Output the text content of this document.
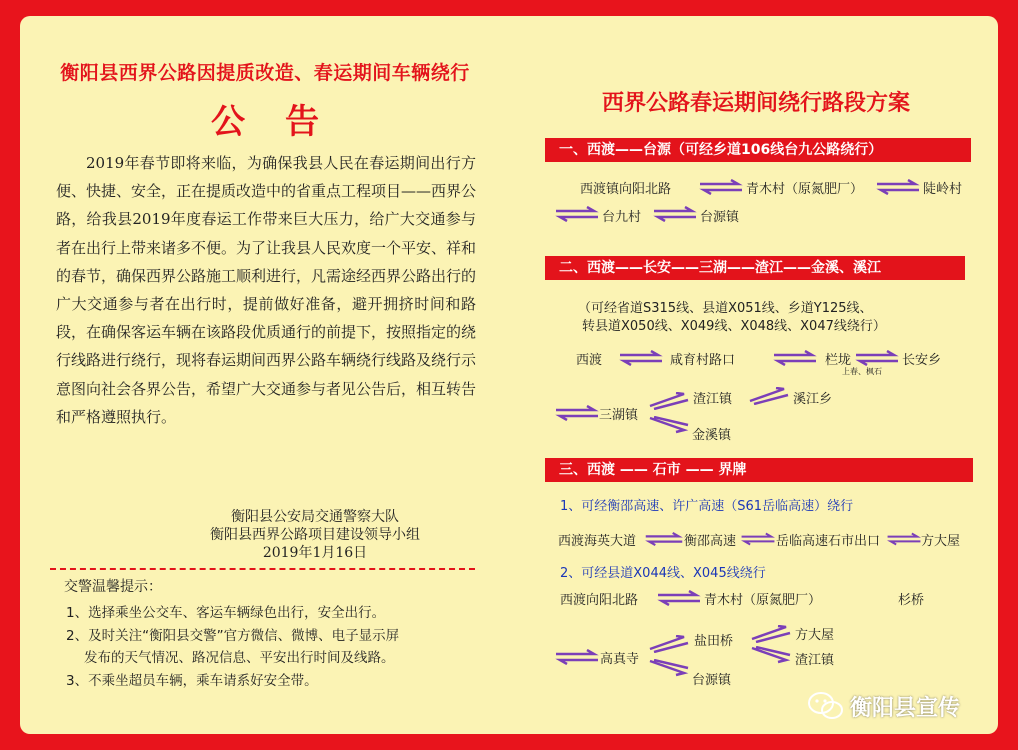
衡阳县西界公路因提质改造、春运期间车辆绕行
公告

2019年春节即将来临，为确保我县人民在春运期间出行方便、快捷、安全，正在提质改造中的省重点工程项目——西界公路，给我县2019年度春运工作带来巨大压力，给广大交通参与者在出行上带来诸多不便。为了让我县人民欢度一个平安、祥和的春节，确保西界公路施工顺利进行，凡需途经西界公路出行的广大交通参与者在出行时，提前做好准备，避开拥挤时间和路段，在确保客运车辆在该路段优质通行的前提下，按照指定的绕行线路进行绕行，现将春运期间西界公路车辆绕行线路及绕行示意图向社会各界公告，希望广大交通参与者见公告后，相互转告和严格遵照执行。

衡阳县公安局交通警察大队
衡阳县西界公路项目建设领导小组
2019年1月16日
交警温馨提示：
1、选择乘坐公交车、客运车辆绿色出行，安全出行。
2、及时关注“衡阳县交警”官方微信、微博、电子显示屏
发布的天气情况、路况信息、平安出行时间及线路。
3、不乘坐超员车辆，乘车请系好安全带。
西界公路春运期间绕行路段方案
一、西渡——台源（可经乡道106线台九公路绕行）
西渡镇向阳北路	青木村（原氮肥厂）	陡岭村
台九村	台源镇
二、西渡——长安——三湖——渣江——金溪、溪江
（可经省道S315线、县道X051线、乡道Y125线、
转县道X050线、X049线、X048线、X047线绕行）
西渡	咸育村路口	栏垅	长安乡
上春、枫石
三湖镇
渣江镇	溪江乡
金溪镇
三、西渡 —— 石市 —— 界牌
1、可经衡邵高速、许广高速（S61岳临高速）绕行
西渡海英大道	衡邵高速	岳临高速石市出口	方大屋
2、可经县道X044线、X045线绕行
西渡向阳北路	青木村（原氮肥厂）	杉桥
高真寺
盐田桥	方大屋
渣江镇
台源镇
衡阳县宣传
